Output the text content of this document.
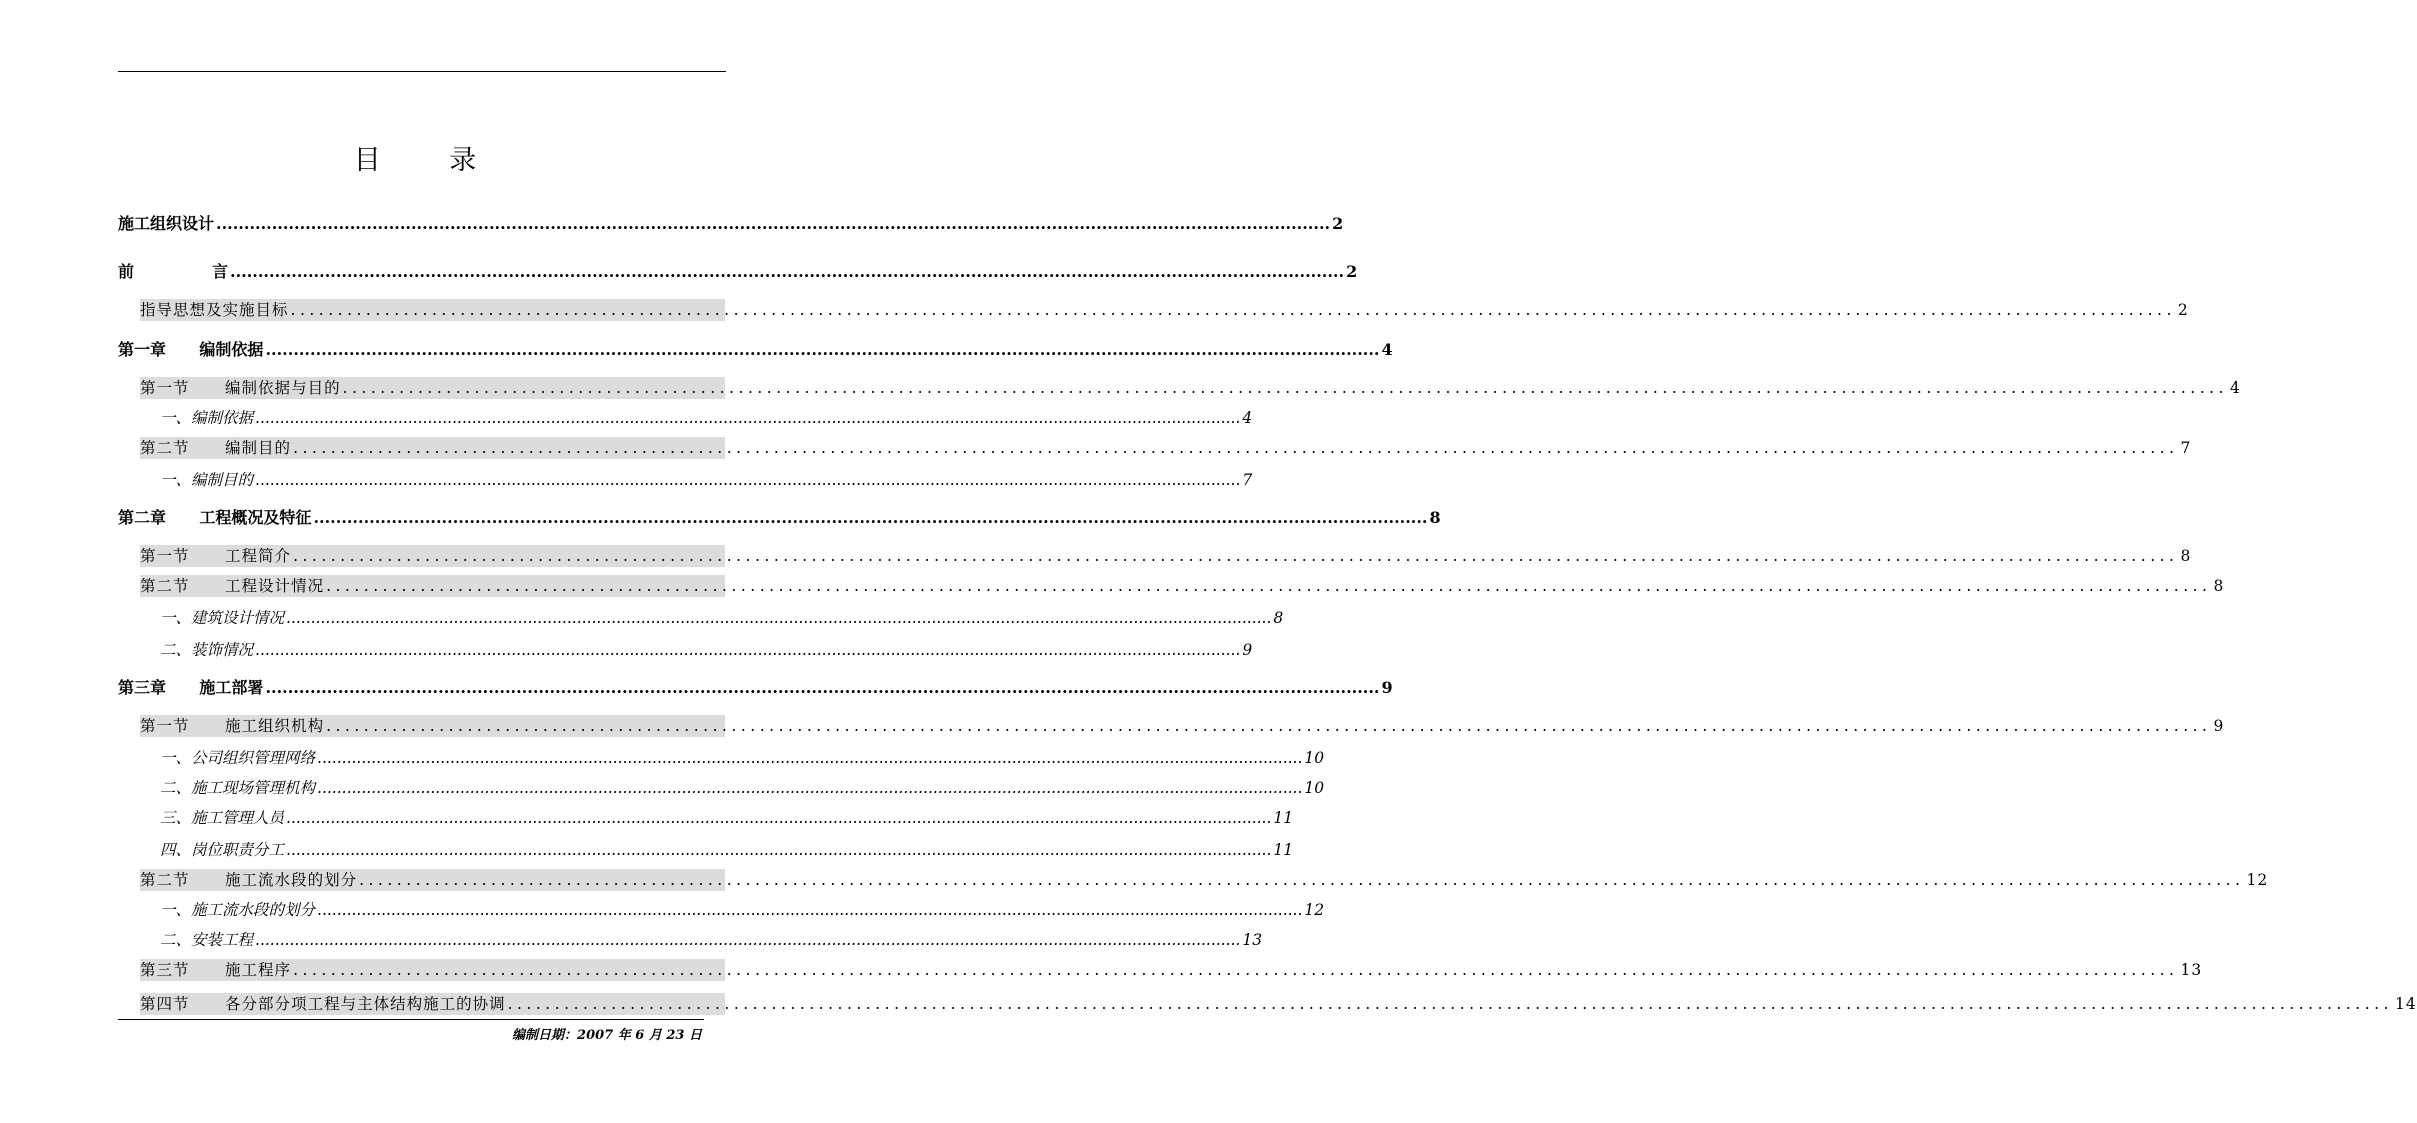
目 录
施工组织设计 ........................................................................................................................................................................................................ 2
前              言 ........................................................................................................................................................................................................ 2
指导思想及实施目标 ........................................................................................................................................................................................................ 2
第一章      编制依据 ........................................................................................................................................................................................................ 4
第一节      编制依据与目的 ........................................................................................................................................................................................................ 4
一、编制依据 ........................................................................................................................................................................................................ 4
第二节      编制目的 ........................................................................................................................................................................................................ 7
一、编制目的 ........................................................................................................................................................................................................ 7
第二章      工程概况及特征 ........................................................................................................................................................................................................ 8
第一节      工程简介 ........................................................................................................................................................................................................ 8
第二节      工程设计情况 ........................................................................................................................................................................................................ 8
一、建筑设计情况 ........................................................................................................................................................................................................ 8
二、装饰情况 ........................................................................................................................................................................................................ 9
第三章      施工部署 ........................................................................................................................................................................................................ 9
第一节      施工组织机构 ........................................................................................................................................................................................................ 9
一、公司组织管理网络 ........................................................................................................................................................................................................ 10
二、施工现场管理机构 ........................................................................................................................................................................................................ 10
三、施工管理人员 ........................................................................................................................................................................................................ 11
四、岗位职责分工 ........................................................................................................................................................................................................ 11
第二节      施工流水段的划分 ........................................................................................................................................................................................................ 12
一、施工流水段的划分 ........................................................................................................................................................................................................ 12
二、安装工程 ........................................................................................................................................................................................................ 13
第三节      施工程序 ........................................................................................................................................................................................................ 13
第四节      各分部分项工程与主体结构施工的协调 ........................................................................................................................................................................................................ 14
编制日期：2007 年 6 月 23 日
